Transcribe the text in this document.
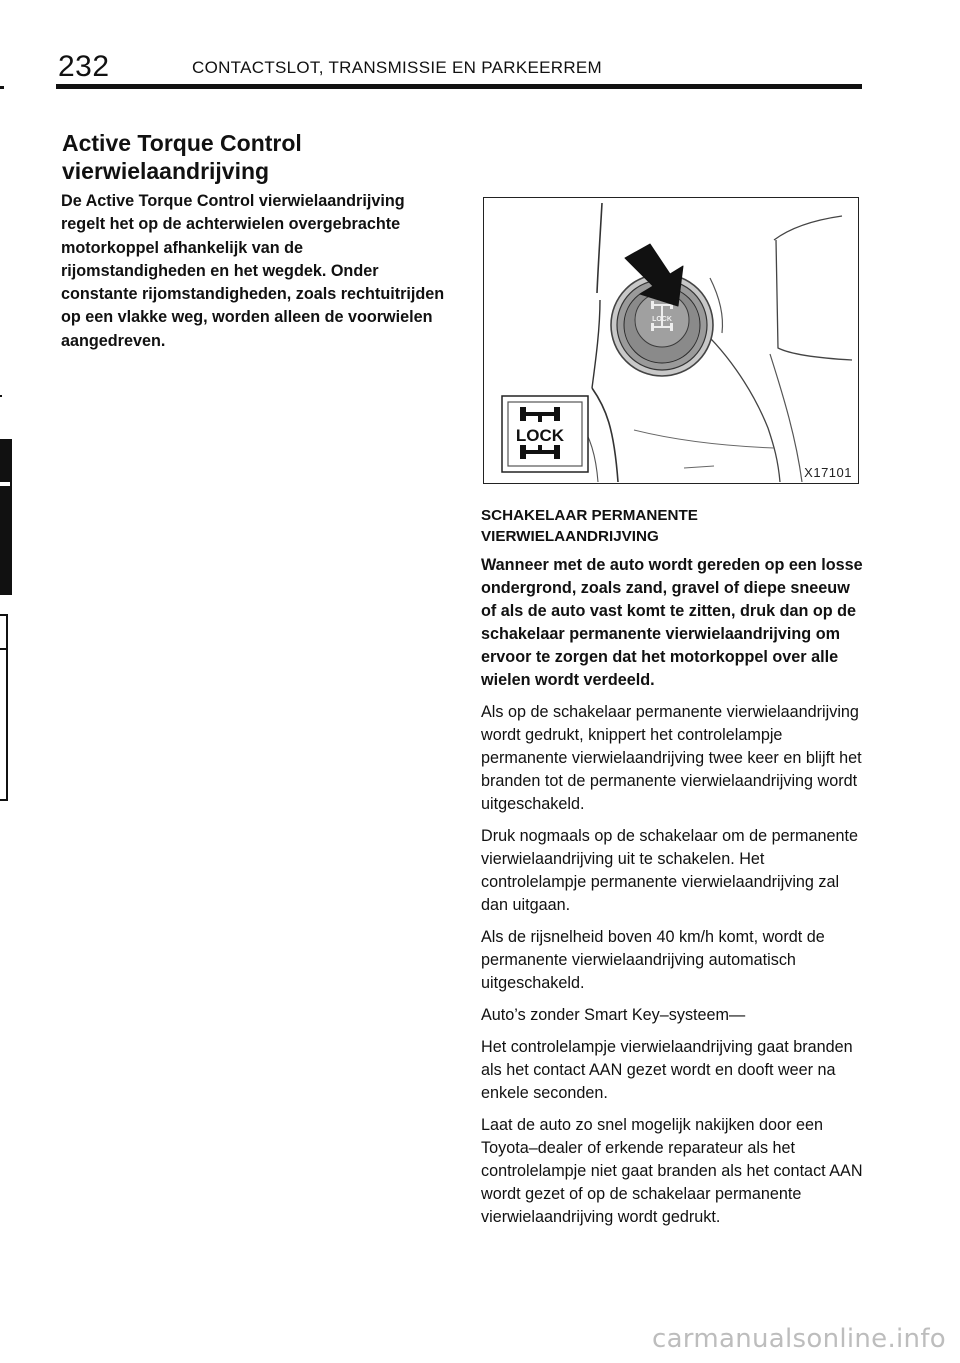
232	CONTACTSLOT, TRANSMISSIE EN PARKEERREM
Active Torque Control
vierwielaandrijving

De Active Torque Control vierwielaandrijving regelt het op de achterwielen overgebrachte motorkoppel afhankelijk van de rijomstandigheden en het wegdek. Onder constante rijomstandigheden, zoals rechtuitrijden op een vlakke weg, worden alleen de voorwielen aangedreven.

LOCK
LOCK
X17101

SCHAKELAAR PERMANENTE
VIERWIELAANDRIJVING

Wanneer met de auto wordt gereden op een losse ondergrond, zoals zand, gravel of diepe sneeuw of als de auto vast komt te zitten, druk dan op de schakelaar permanente vierwielaandrijving om ervoor te zorgen dat het motorkoppel over alle wielen wordt verdeeld.

Als op de schakelaar permanente vierwielaandrijving wordt gedrukt, knippert het controlelampje permanente vierwielaandrijving twee keer en blijft het branden tot de permanente vierwielaandrijving wordt uitgeschakeld.

Druk nogmaals op de schakelaar om de permanente vierwielaandrijving uit te schakelen. Het controlelampje permanente vierwielaandrijving zal dan uitgaan.

Als de rijsnelheid boven 40 km/h komt, wordt de permanente vierwielaandrijving automatisch uitgeschakeld.

Auto’s zonder Smart Key–systeem—

Het controlelampje vierwielaandrijving gaat branden als het contact AAN gezet wordt en dooft weer na enkele seconden.

Laat de auto zo snel mogelijk nakijken door een Toyota–dealer of erkende reparateur als het controlelampje niet gaat branden als het contact AAN wordt gezet of op de schakelaar permanente vierwielaandrijving wordt gedrukt.

carmanualsonline.info
